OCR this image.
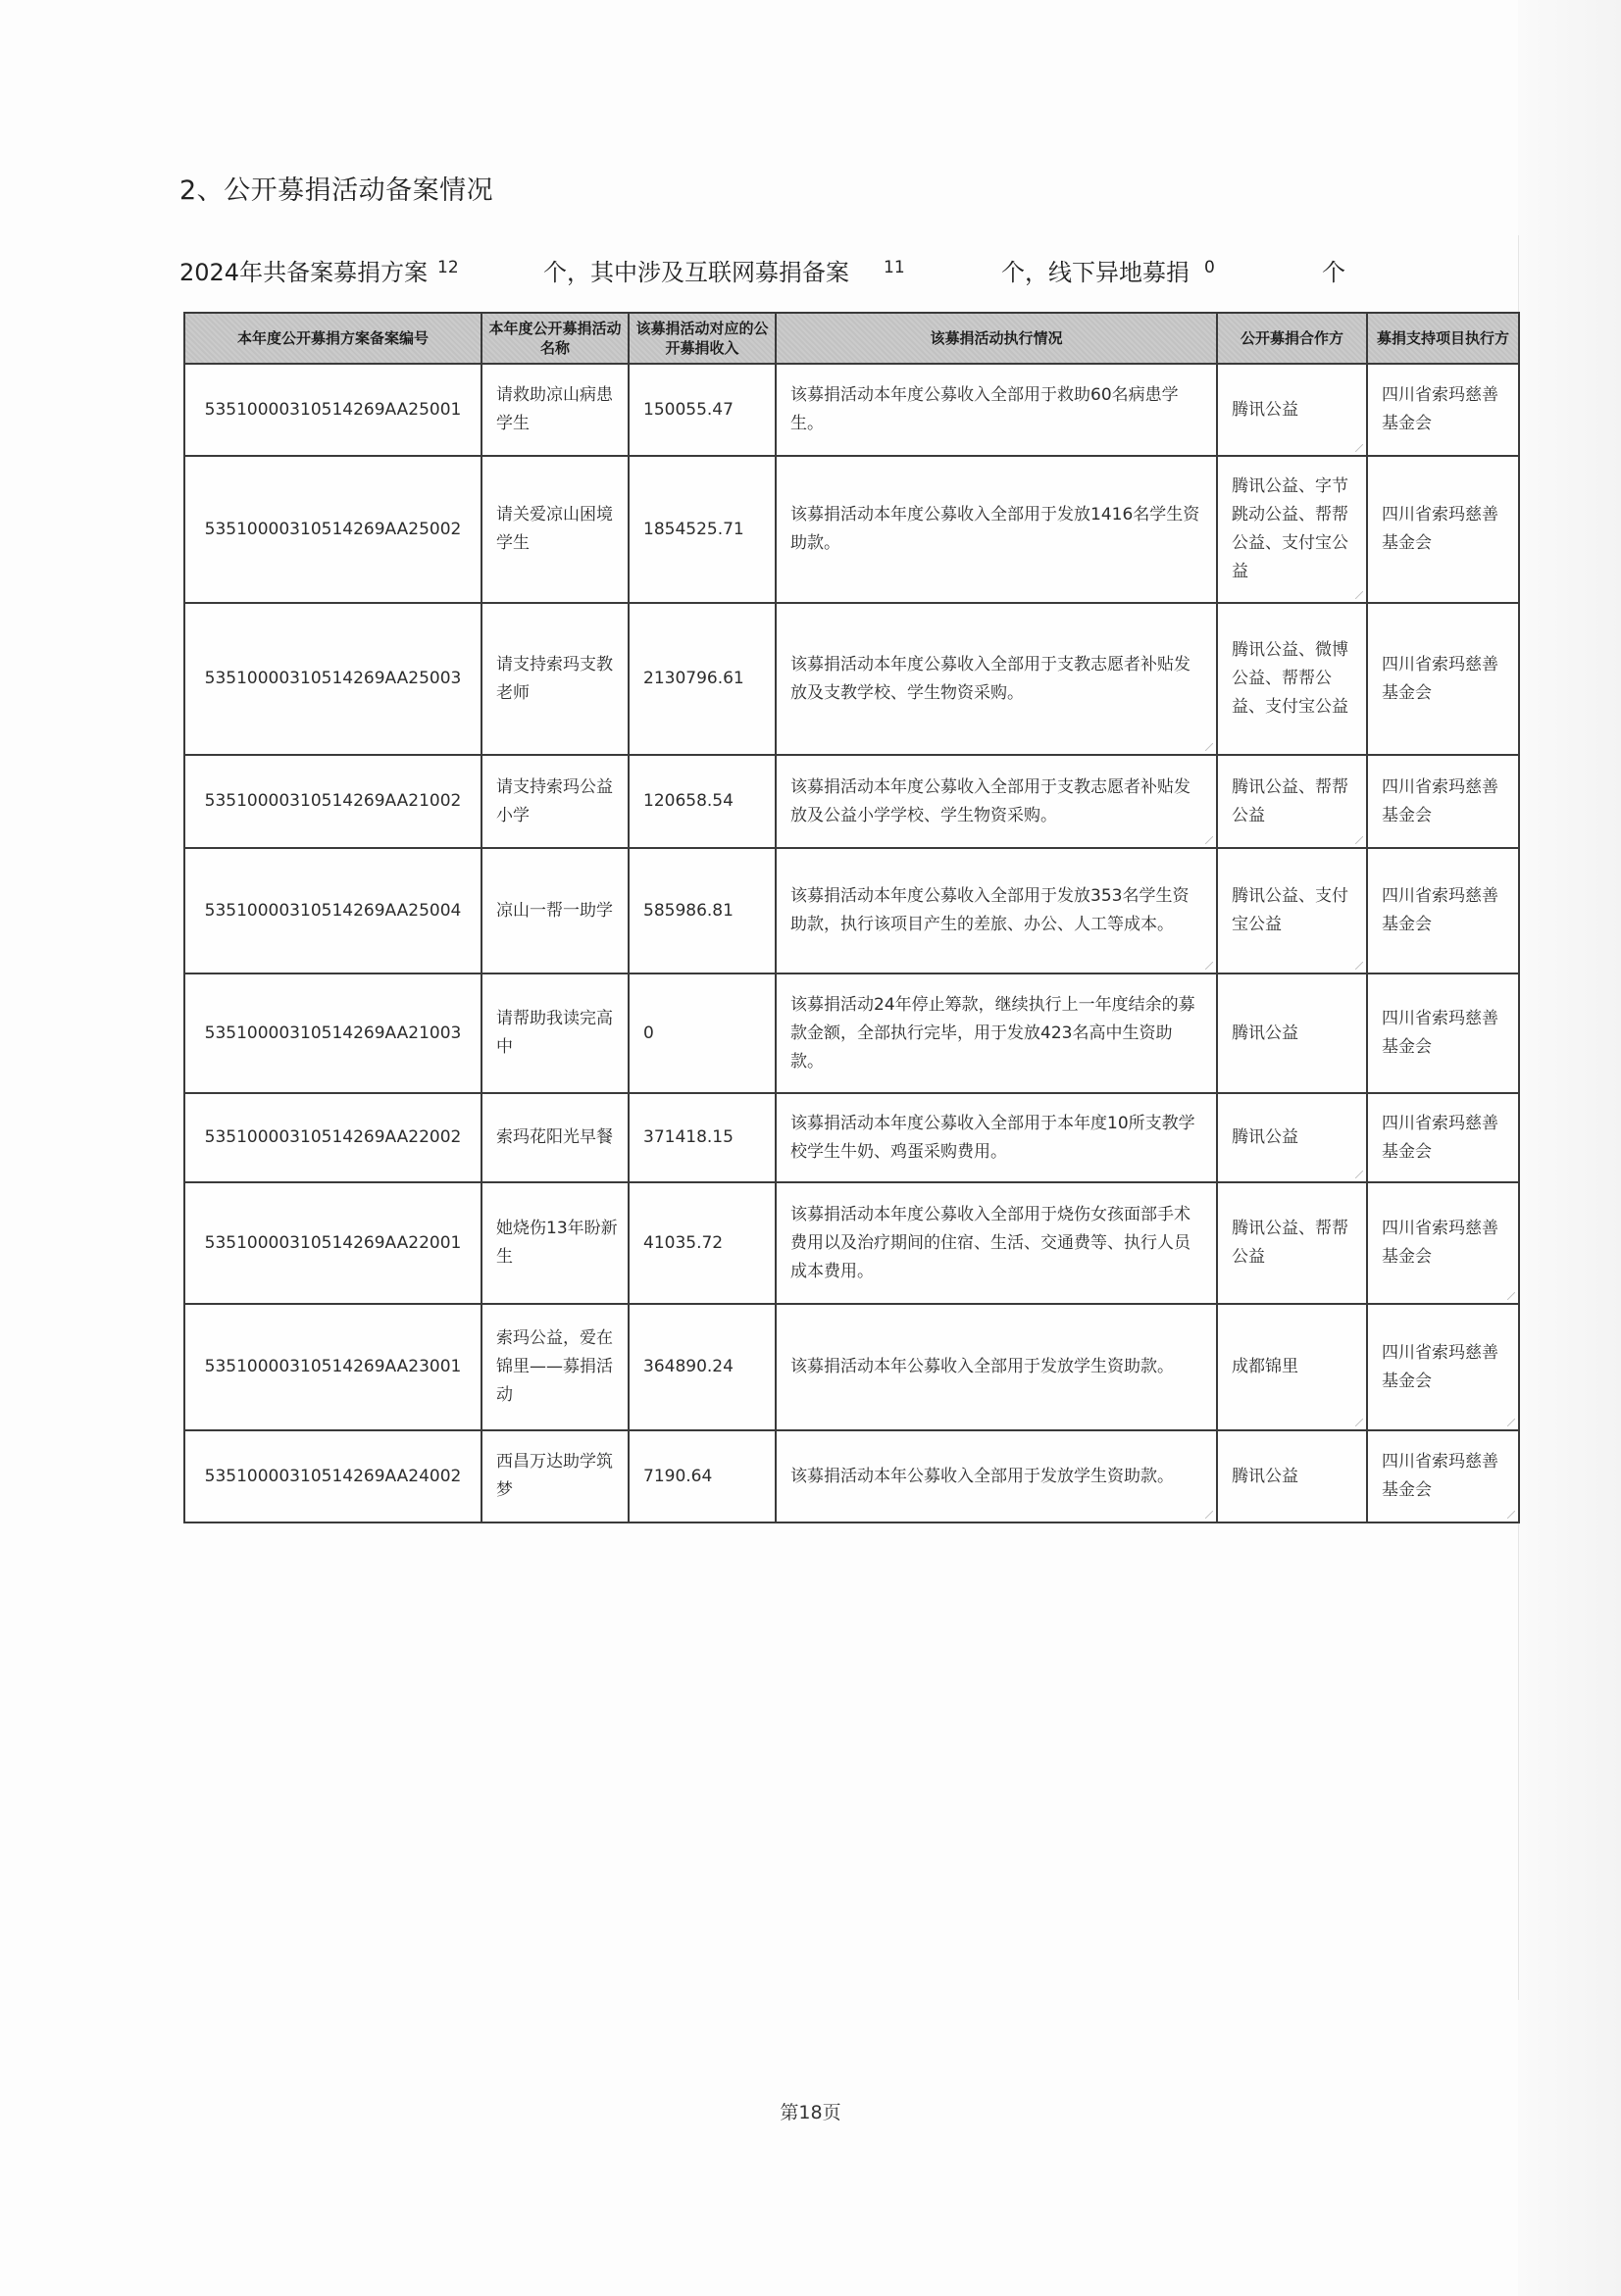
2、公开募捐活动备案情况
2024年共备案募捐方案 12	个，其中涉及互联网募捐备案 11	个，线下异地募捐 0	个
本年度公开募捐方案备案编号	本年度公开募捐活动名称	该募捐活动对应的公开募捐收入	该募捐活动执行情况	公开募捐合作方	募捐支持项目执行方
53510000310514269AA25001	请救助凉山病患学生	150055.47	该募捐活动本年度公募收入全部用于救助60名病患学生。	腾讯公益	四川省索玛慈善基金会
53510000310514269AA25002	请关爱凉山困境学生	1854525.71	该募捐活动本年度公募收入全部用于发放1416名学生资助款。	腾讯公益、字节跳动公益、帮帮公益、支付宝公益	四川省索玛慈善基金会
53510000310514269AA25003	请支持索玛支教老师	2130796.61	该募捐活动本年度公募收入全部用于支教志愿者补贴发放及支教学校、学生物资采购。	腾讯公益、微博公益、帮帮公益、支付宝公益	四川省索玛慈善基金会
53510000310514269AA21002	请支持索玛公益小学	120658.54	该募捐活动本年度公募收入全部用于支教志愿者补贴发放及公益小学学校、学生物资采购。	腾讯公益、帮帮公益	四川省索玛慈善基金会
53510000310514269AA25004	凉山一帮一助学	585986.81	该募捐活动本年度公募收入全部用于发放353名学生资助款，执行该项目产生的差旅、办公、人工等成本。	腾讯公益、支付宝公益	四川省索玛慈善基金会
53510000310514269AA21003	请帮助我读完高中	0	该募捐活动24年停止筹款，继续执行上一年度结余的募款金额，全部执行完毕，用于发放423名高中生资助款。	腾讯公益	四川省索玛慈善基金会
53510000310514269AA22002	索玛花阳光早餐	371418.15	该募捐活动本年度公募收入全部用于本年度10所支教学校学生牛奶、鸡蛋采购费用。	腾讯公益	四川省索玛慈善基金会
53510000310514269AA22001	她烧伤13年盼新生	41035.72	该募捐活动本年度公募收入全部用于烧伤女孩面部手术费用以及治疗期间的住宿、生活、交通费等、执行人员成本费用。	腾讯公益、帮帮公益	四川省索玛慈善基金会

53510000310514269AA23001	索玛公益，爱在锦里——募捐活动	364890.24	该募捐活动本年公募收入全部用于发放学生资助款。	成都锦里	四川省索玛慈善基金会

53510000310514269AA24002	西昌万达助学筑梦	7190.64	该募捐活动本年公募收入全部用于发放学生资助款。	腾讯公益	四川省索玛慈善基金会
第18页
